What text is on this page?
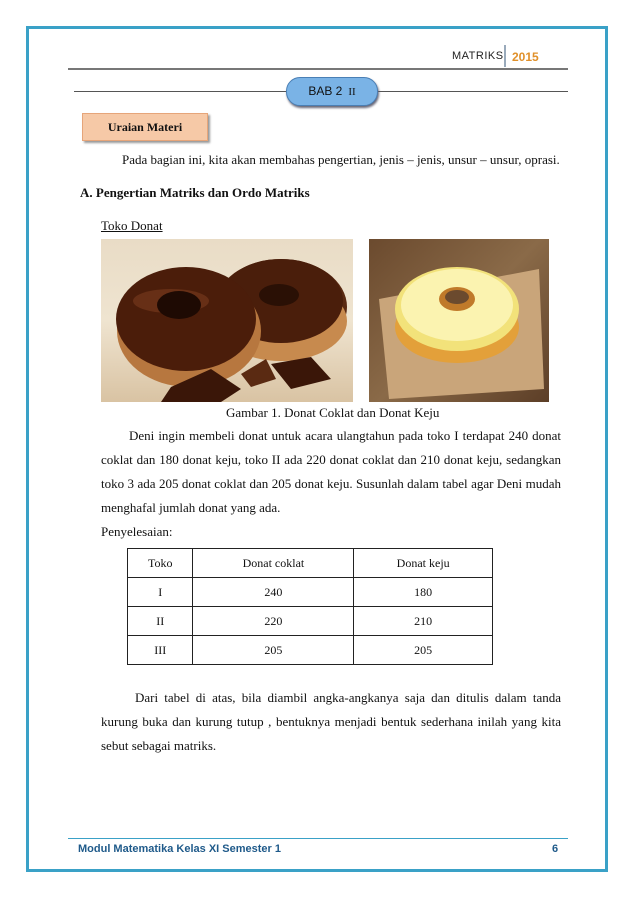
MATRIKS 2015
BAB 2 II
Uraian Materi
Pada bagian ini, kita akan membahas pengertian, jenis – jenis, unsur – unsur, oprasi.
A. Pengertian Matriks dan Ordo Matriks
Toko Donat
Gambar 1. Donat Coklat dan Donat Keju
Deni ingin membeli donat untuk acara ulangtahun pada toko I terdapat 240 donat coklat dan 180 donat keju, toko II ada 220 donat coklat dan 210 donat keju, sedangkan toko 3 ada 205 donat coklat dan 205 donat keju. Susunlah dalam tabel agar Deni mudah menghafal jumlah donat yang ada.
Penyelesaian:
Toko	Donat coklat	Donat keju
I	240	180
II	220	210
III	205	205
Dari tabel di atas, bila diambil angka-angkanya saja dan ditulis dalam tanda kurung buka dan kurung tutup , bentuknya menjadi bentuk sederhana inilah yang kita sebut sebagai matriks.
Modul Matematika Kelas XI Semester 1	6
